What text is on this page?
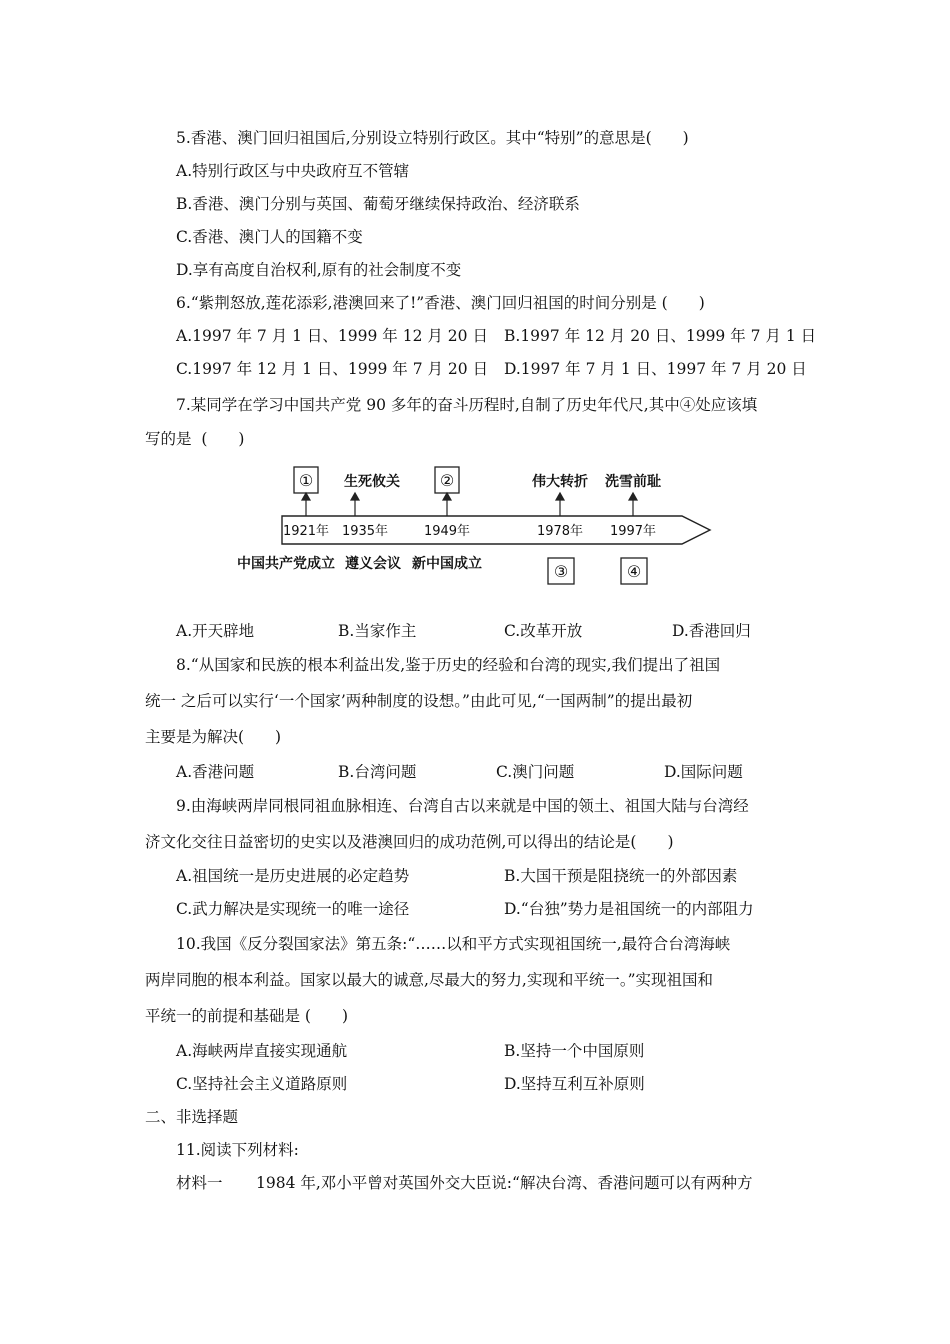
5.香港、澳门回归祖国后,分别设立特别行政区。其中“特别”的意思是(　　)
A.特别行政区与中央政府互不管辖
B.香港、澳门分别与英国、葡萄牙继续保持政治、经济联系
C.香港、澳门人的国籍不变
D.享有高度自治权利,原有的社会制度不变
6.“紫荆怒放,莲花添彩,港澳回来了!”香港、澳门回归祖国的时间分别是 (　　)
A.1997 年 7 月 1 日、1999 年 12 月 20 日 B.1997 年 12 月 20 日、1999 年 7 月 1 日
C.1997 年 12 月 1 日、1999 年 7 月 20 日 D.1997 年 7 月 1 日、1997 年 7 月 20 日
7.某同学在学习中国共产党 90 多年的奋斗历程时,自制了历史年代尺,其中④处应该填
写的是  (　　)
① 生死攸关 ②	伟大转折 洗雪前耻
1921年 1935年	1949年	1978年 1997年
中国共产党成立 遵义会议 新中国成立	③	④
A.开天辟地	B.当家作主	C.改革开放	D.香港回归
8.“从国家和民族的根本利益出发,鉴于历史的经验和台湾的现实,我们提出了祖国
统一 之后可以实行‘一个国家’两种制度的设想。”由此可见,“一国两制”的提出最初
主要是为解决(　　)
A.香港问题	B.台湾问题	C.澳门问题	D.国际问题
9.由海峡两岸同根同祖血脉相连、台湾自古以来就是中国的领土、祖国大陆与台湾经
济文化交往日益密切的史实以及港澳回归的成功范例,可以得出的结论是(　　)
A.祖国统一是历史进展的必定趋势	B.大国干预是阻挠统一的外部因素
C.武力解决是实现统一的唯一途径	D.“台独”势力是祖国统一的内部阻力
10.我国《反分裂国家法》第五条:“……以和平方式实现祖国统一,最符合台湾海峡
两岸同胞的根本利益。国家以最大的诚意,尽最大的努力,实现和平统一。”实现祖国和
平统一的前提和基础是 (　　)
A.海峡两岸直接实现通航	B.坚持一个中国原则
C.坚持社会主义道路原则	D.坚持互利互补原则
二、非选择题
11.阅读下列材料:
材料一 1984 年,邓小平曾对英国外交大臣说:“解决台湾、香港问题可以有两种方
